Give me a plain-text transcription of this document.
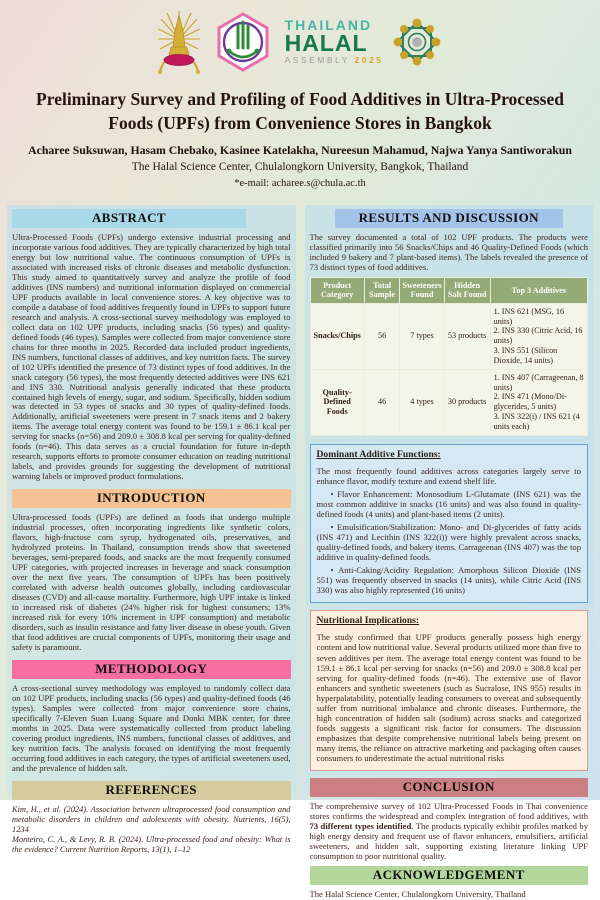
THAILAND
HALAL
ASSEMBLY 2025
Preliminary Survey and Profiling of Food Additives in Ultra-Processed Foods (UPFs) from Convenience Stores in Bangkok
Acharee Suksuwan, Hasam Chebako, Kasinee Katelakha, Nureesun Mahamud, Najwa Yanya Santiworakun
The Halal Science Center, Chulalongkorn University, Bangkok, Thailand
*e-mail: acharee.s@chula.ac.th
ABSTRACT

Ultra-Processed Foods (UPFs) undergo extensive industrial processing and incorporate various food additives. They are typically characterized by high total energy but low nutritional value. The continuous consumption of UPFs is associated with increased risks of chronic diseases and metabolic dysfunction. This study aimed to quantitatively survey and analyze the profile of food additives (INS numbers) and nutritional information displayed on commercial UPF products available in local convenience stores. A key objective was to compile a database of food additives frequently found in UPFs to support future research and analysis. A cross-sectional survey methodology was employed to collect data on 102 UPF products, including snacks (56 types) and quality-defined foods (46 types). Samples were collected from major convenience store chains for three months in 2025. Recorded data included product ingredients, INS numbers, functional classes of additives, and key nutrition facts. The survey of 102 UPFs identified the presence of 73 distinct types of food additives. In the snack category (56 types), the most frequently detected additives were INS 621 and INS 330. Nutritional analysis generally indicated that these products contained high levels of energy, sugar, and sodium. Specifically, hidden sodium was detected in 53 types of snacks and 30 types of quality-defined foods. Additionally, artificial sweeteners were present in 7 snack items and 2 bakery items. The average total energy content was found to be 159.1 ± 86.1 kcal per serving for snacks (n=56) and 209.0 ± 308.8 kcal per serving for quality-defined foods (n=46). This data serves as a crucial foundation for future in-depth research, supports efforts to promote consumer education on reading nutritional labels, and provides grounds for suggesting the development of nutritional warning labels or improved product formulations.

INTRODUCTION

Ultra-processed foods (UPFs) are defined as foods that undergo multiple industrial processes, often incorporating ingredients like synthetic colors, flavors, high-fructose corn syrup, hydrogenated oils, preservatives, and hydrolyzed proteins. In Thailand, consumption trends show that sweetened beverages, semi-prepared foods, and snacks are the most frequently consumed UPF categories, with projected increases in beverage and snack consumption over the next five years. The consumption of UPFs has been positively correlated with adverse health outcomes globally, including cardiovascular diseases (CVD) and all-cause mortality. Furthermore, high UPF intake is linked to increased risk of diabetes (24% higher risk for highest consumers; 13% increased risk for every 10% increment in UPF consumption) and metabolic disorders, such as insulin resistance and fatty liver disease in obese youth. Given that food additives are crucial components of UPFs, monitoring their usage and safety is paramount.

METHODOLOGY

A cross-sectional survey methodology was employed to randomly collect data on 102 UPF products, including snacks (56 types) and quality-defined foods (46 types). Samples were collected from major convenience store chains, specifically 7-Eleven Suan Luang Square and Donki MBK center, for three months in 2025. Data were systematically collected from product labeling covering product ingredients, INS numbers, functional classes of additives, and key nutrition facts. The analysis focused on identifying the most frequently occurring food additives in each category, the types of artificial sweeteners used, and the prevalence of hidden salt.

REFERENCES

Kim, H., et al. (2024). Association between ultraprocessed food consumption and metabolic disorders in children and adolescents with obesity. Nutrients, 16(5), 1234

Monteiro, C. A., & Levy, R. B. (2024). Ultra-processed food and obesity: What is the evidence? Current Nutrition Reports, 13(1), 1–12

RESULTS AND DISCUSSION

The survey documented a total of 102 UPF products. The products were classified primarily into 56 Snacks/Chips and 46 Quality-Defined Foods (which included 9 bakery and 7 plant-based items). The labels revealed the presence of 73 distinct types of food additives.

Product Category	Total Sample	Sweeteners Found	Hidden Salt Found	Top 3 Additives
Snacks/Chips	56	7 types	53 products	1. INS 621 (MSG, 16 units)
2. INS 330 (Citric Acid, 16 units)
3. INS 551 (Silicon Dioxide, 14 units)

Quality-Defined Foods	46	4 types	30 products	1. INS 407 (Carrageenan, 8 units)
2. INS 471 (Mono/Di-glycerides, 5 units)
3. INS 322(i) / INS 621 (4 units each)
Dominant Additive Functions:

The most frequently found additives across categories largely serve to enhance flavor, modify texture and extend shelf life.

• Flavor Enhancement: Monosodium L-Glutamate (INS 621) was the most common additive in snacks (16 units) and was also found in quality-defined foods (4 units) and plant-based items (2 units).

• Emulsification/Stabilization: Mono- and Di-glycerides of fatty acids (INS 471) and Lecithin (INS 322(i)) were highly prevalent across snacks, quality-defined foods, and bakery items. Carrageenan (INS 407) was the top additive in quality-defined foods.

• Anti-Caking/Acidity Regulation: Amorphous Silicon Dioxide (INS 551) was frequently observed in snacks (14 units), while Citric Acid (INS 330) was also highly represented (16 units)

Nutritional Implications:

The study confirmed that UPF products generally possess high energy content and low nutritional value. Several products utilized more than five to seven additives per item. The average total energy content was found to be 159.1 ± 86.1 kcal per serving for snacks (n=56) and 209.0 ± 308.8 kcal per serving for quality-defined foods (n=46). The extensive use of flavor enhancers and synthetic sweeteners (such as Sucralose, INS 955) results in hyperpalatability, potentially leading consumers to overeat and subsequently suffer from nutritional imbalance and chronic diseases. Furthermore, the high concentration of hidden salt (sodium) across snacks and categorized foods suggests a significant risk factor for consumers. The discussion emphasizes that despite comprehensive nutritional labels being present on many items, the reliance on attractive marketing and packaging often causes consumers to underestimate the actual nutritional risks

CONCLUSION

The comprehensive survey of 102 Ultra-Processed Foods in Thai convenience stores confirms the widespread and complex integration of food additives, with 73 different types identified. The products typically exhibit profiles marked by high energy density and frequent use of flavor enhancers, emulsifiers, artificial sweeteners, and hidden salt, supporting existing literature linking UPF consumption to poor nutritional quality.

ACKNOWLEDGEMENT

The Halal Science Center, Chulalongkorn University, Thailand
